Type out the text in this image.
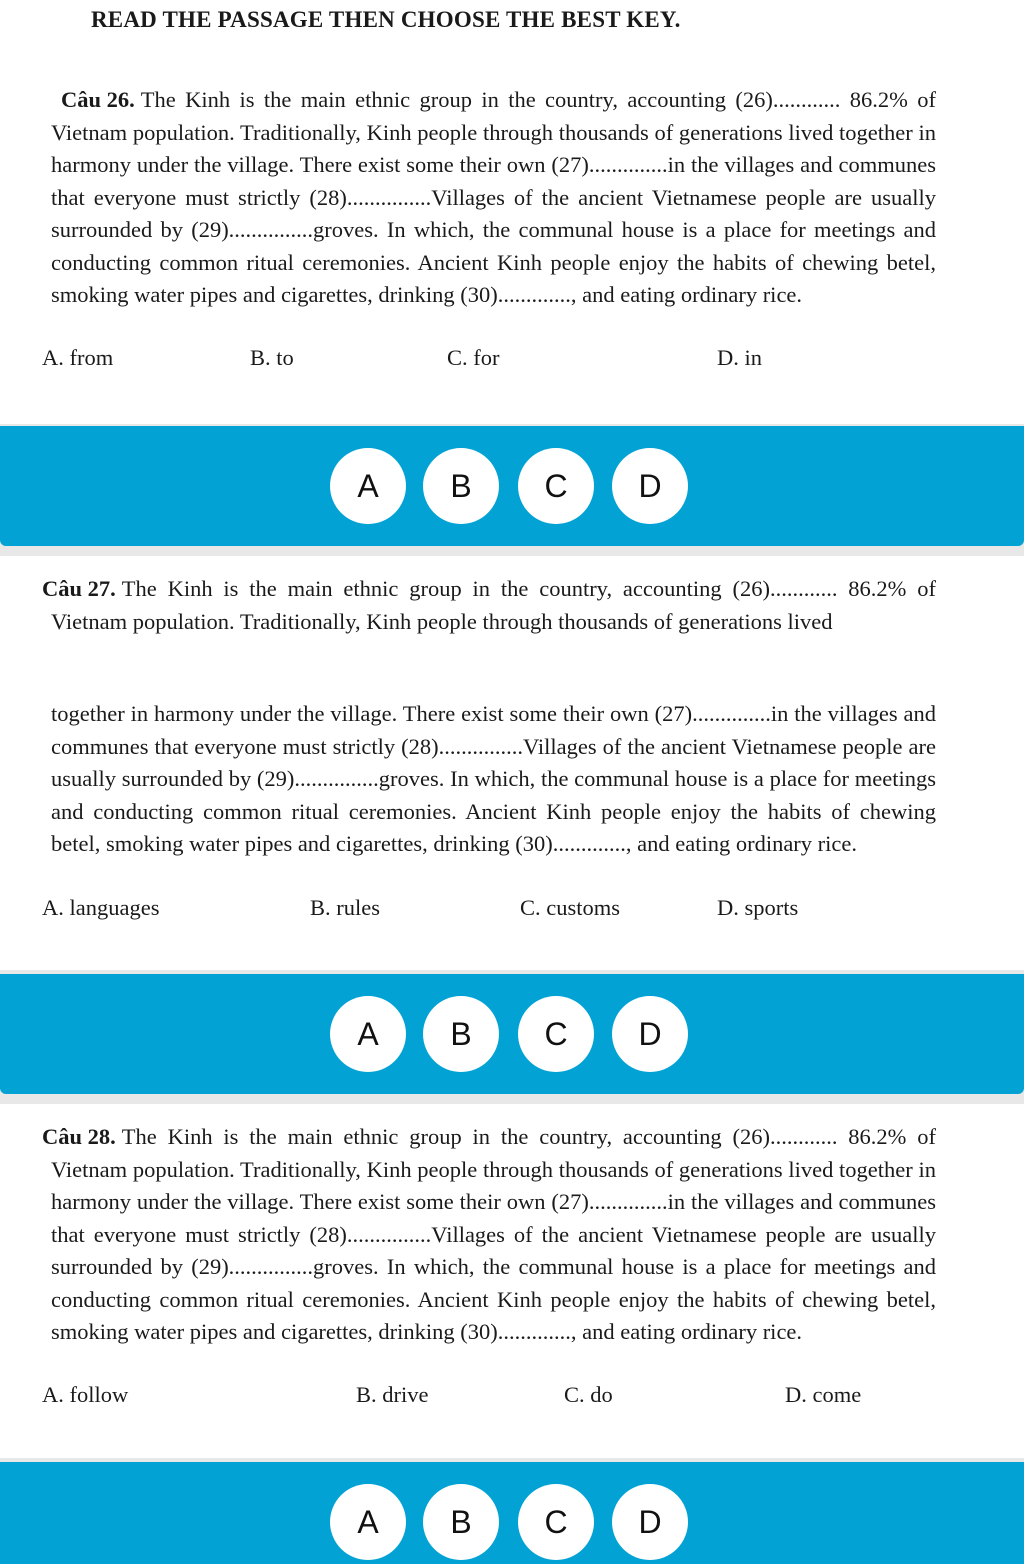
READ THE PASSAGE THEN CHOOSE THE BEST KEY.

Câu 26. The Kinh is the main ethnic group in the country, accounting (26)............ 86.2% of Vietnam population. Traditionally, Kinh people through thousands of generations lived together in harmony under the village. There exist some their own (27)..............in the villages and communes that everyone must strictly (28)...............Villages of the ancient Vietnamese people are usually surrounded by (29)...............groves. In which, the communal house is a place for meetings and conducting common ritual ceremonies. Ancient Kinh people enjoy the habits of chewing betel, smoking water pipes and cigarettes, drinking (30)............., and eating ordinary rice.

A. from	B. to	C. for	D. in
A	B	C	D

Câu 27. The Kinh is the main ethnic group in the country, accounting (26)............ 86.2% of Vietnam population. Traditionally, Kinh people through thousands of generations lived

together in harmony under the village. There exist some their own (27)..............in the villages and communes that everyone must strictly (28)...............Villages of the ancient Vietnamese people are usually surrounded by (29)...............groves. In which, the communal house is a place for meetings and conducting common ritual ceremonies. Ancient Kinh people enjoy the habits of chewing betel, smoking water pipes and cigarettes, drinking (30)............., and eating ordinary rice.

A. languages	B. rules	C. customs	D. sports
A	B	C	D

Câu 28. The Kinh is the main ethnic group in the country, accounting (26)............ 86.2% of Vietnam population. Traditionally, Kinh people through thousands of generations lived together in harmony under the village. There exist some their own (27)..............in the villages and communes that everyone must strictly (28)...............Villages of the ancient Vietnamese people are usually surrounded by (29)...............groves. In which, the communal house is a place for meetings and conducting common ritual ceremonies. Ancient Kinh people enjoy the habits of chewing betel, smoking water pipes and cigarettes, drinking (30)............., and eating ordinary rice.

A. follow	B. drive	C. do	D. come
A	B	C	D
